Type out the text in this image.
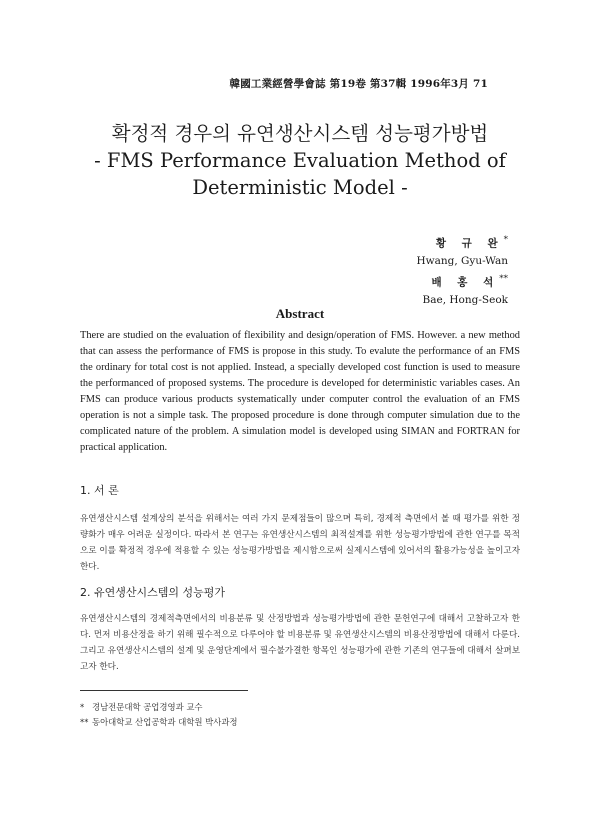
韓國工業經營學會誌 第19卷 第37輯 1996年3月 71
확정적 경우의 유연생산시스템 성능평가방법
- FMS Performance Evaluation Method of
Deterministic Model -
황 규 완*
Hwang, Gyu-Wan
배 홍 석**
Bae, Hong-Seok
Abstract
There are studied on the evaluation of flexibility and design/operation of FMS. However. a new method that can assess the performance of FMS is propose in this study. To evalute the performance of an FMS the ordinary for total cost is not applied. Instead, a specially developed cost function is used to measure the performanced of proposed systems. The procedure is developed for deterministic variables cases. An FMS can produce various products systematically under computer control the evaluation of an FMS operation is not a simple task. The proposed procedure is done through computer simulation due to the complicated nature of the problem. A simulation model is developed using SIMAN and FORTRAN for practical application.
1. 서 론
유연생산시스템 설계상의 분석을 위해서는 여러 가지 문제점들이 많으며 특히, 경제적 측면에서 볼 때 평가를 위한 정량화가 매우 어려운 실정이다. 따라서 본 연구는 유연생산시스템의 최적설계를 위한 성능평가방법에 관한 연구를 목적으로 이를 확정적 경우에 적용할 수 있는 성능평가방법을 제시함으로써 실제시스템에 있어서의 활용가능성을 높이고자 한다.
2. 유연생산시스템의 성능평가
유연생산시스템의 경제적측면에서의 비용분류 및 산정방법과 성능평가방법에 관한 문헌연구에 대해서 고찰하고자 한다. 먼저 비용산정을 하기 위해 필수적으로 다루어야 할 비용분류 및 유연생산시스템의 비용산정방법에 대해서 다룬다. 그리고 유연생산시스템의 설계 및 운영단계에서 필수불가결한 항목인 성능평가에 관한 기존의 연구들에 대해서 살펴보고자 한다.
* 경남전문대학 공업경영과 교수
** 동아대학교 산업공학과 대학원 박사과정
